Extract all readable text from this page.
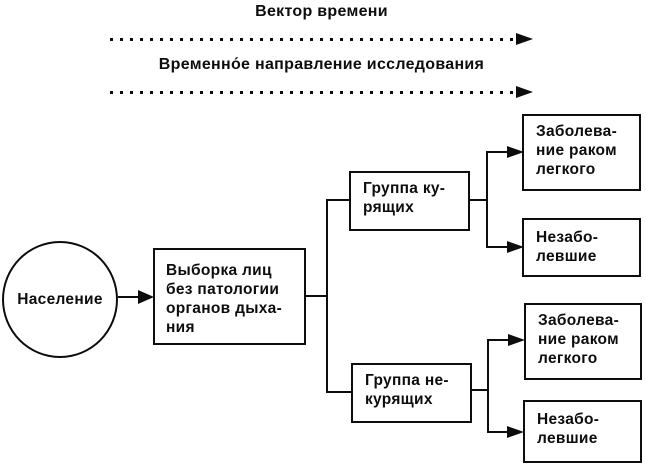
Вектор времени
Временно́е направление исследования
Население
Выборка лиц
без патологии
органов дыха-
ния
Группа ку-
рящих
Группа не-
курящих
Заболева-
ние раком
легкого
Незабо-
левшие
Заболева-
ние раком
легкого
Незабо-
левшие
